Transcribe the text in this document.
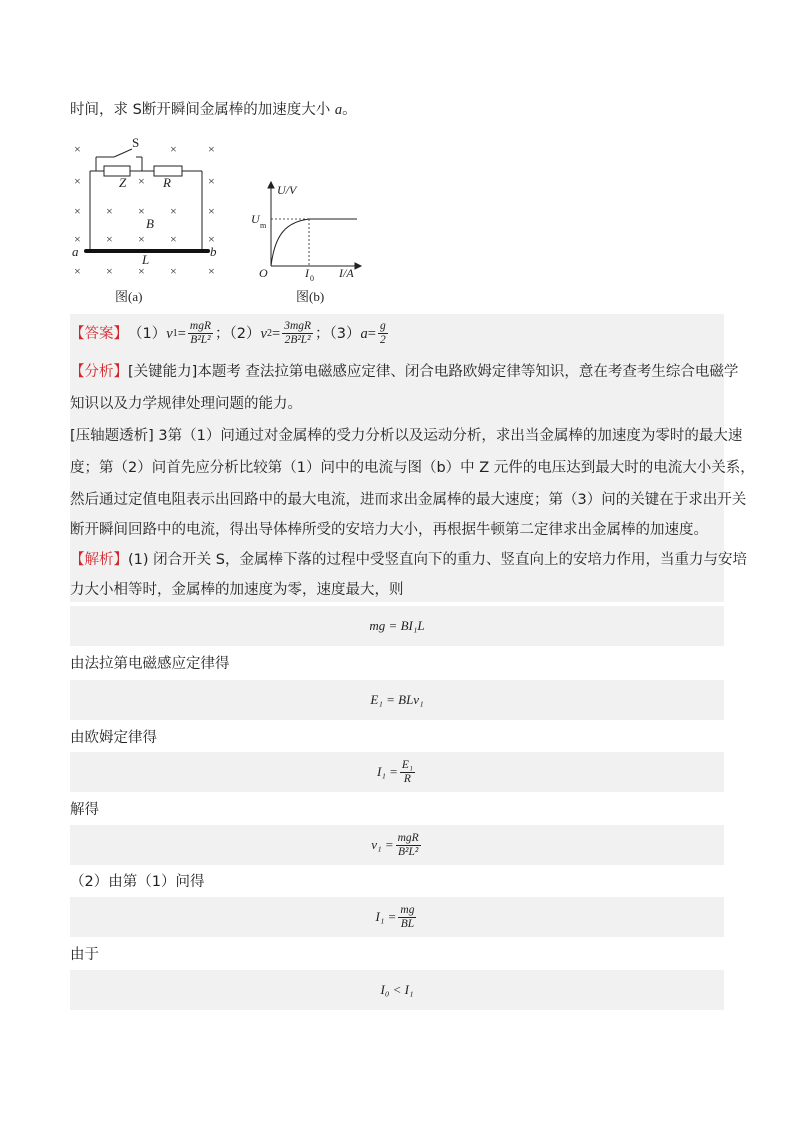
时间，求 S断开瞬间金属棒的加速度大小 a。
×
×
×
×
×
×
×
×
×
×
×
×
×
×
×
×
×
×
×
×
×
S
Z	R
B
L
a	b
图(a)
U/V
U m
O	I 0 I/A
图(b)
【答案】 （1） v $1 = \frac{\text{mgR}}{\text{B²L²}}$ ；（2） v $2 = \frac{\text{3mgR}}{\text{2B²L²}}$ ；（3） $a = \frac{g}{2}$
【分析】[关键能力]本题考 查法拉第电磁感应定律、闭合电路欧姆定律等知识，意在考查考生综合电磁学
知识以及力学规律处理问题的能力。
[压轴题透析] 3第（1）问通过对金属棒的受力分析以及运动分析，求出当金属棒的加速度为零时的最大速
度；第（2）问首先应分析比较第（1）问中的电流与图（b）中 Z 元件的电压达到最大时的电流大小关系，
然后通过定值电阻表示出回路中的最大电流，进而求出金属棒的最大速度；第（3）问的关键在于求出开关
断开瞬间回路中的电流，得出导体棒所受的安培力大小，再根据牛顿第二定律求出金属棒的加速度。
【解析】(1) 闭合开关 S，金属棒下落的过程中受竖直向下的重力、竖直向上的安培力作用，当重力与安培
力大小相等时，金属棒的加速度为零，速度最大，则
mg = BI₁L
由法拉第电磁感应定律得
E₁ = BLv₁
由欧姆定律得
$I_1 = \frac{\text{E₁}}{R}$
解得
$v_1 = \frac{\text{mgR}}{\text{B²L²}}$
（2）由第（1）问得
$I_1 = \frac{mg}{BL}$
由于
I₀ < I₁
